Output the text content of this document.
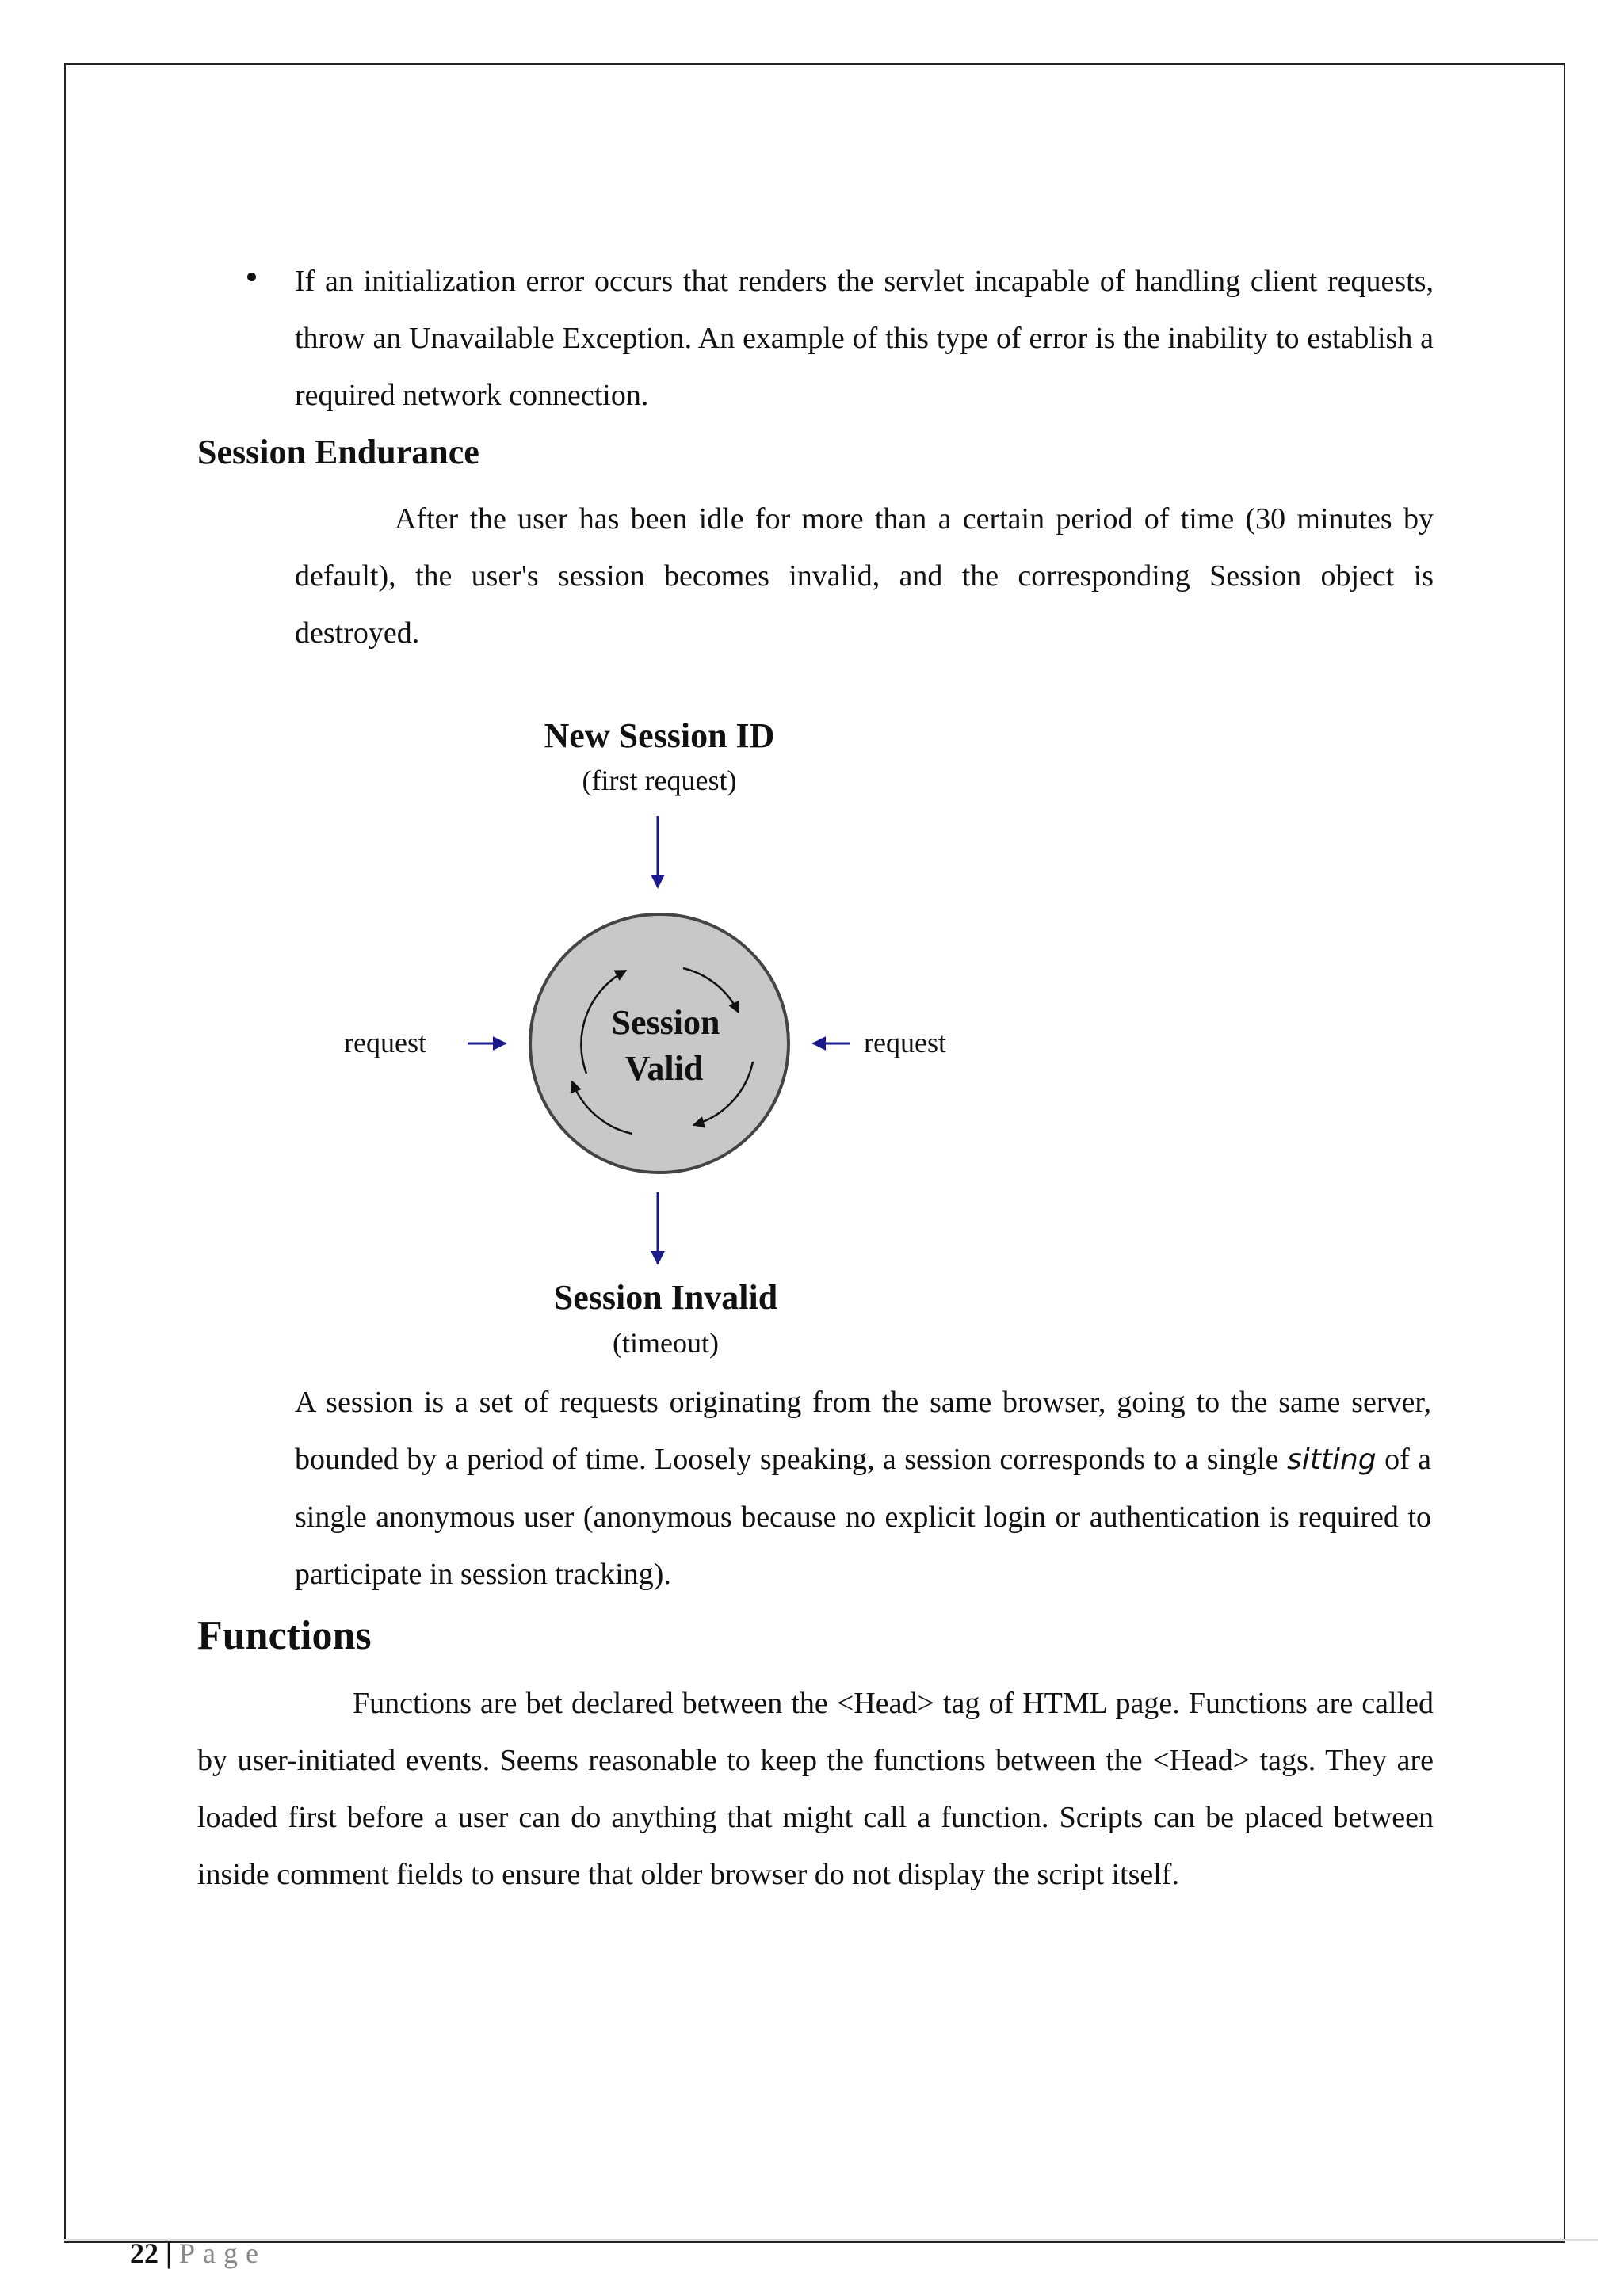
If an initialization error occurs that renders the servlet incapable of handling client requests, throw an Unavailable Exception. An example of this type of error is the inability to establish a required network connection.
Session Endurance
After the user has been idle for more than a certain period of time (30 minutes by default), the user's session becomes invalid, and the corresponding Session object is destroyed.
New Session ID
(first request)
Session
Valid
request	request
Session Invalid
(timeout)
A session is a set of requests originating from the same browser, going to the same server, bounded by a period of time. Loosely speaking, a session corresponds to a single sitting of a single anonymous user (anonymous because no explicit login or authentication is required to participate in session tracking).
Functions
Functions are bet declared between the <Head> tag of HTML page. Functions are called by user-initiated events. Seems reasonable to keep the functions between the <Head> tags. They are loaded first before a user can do anything that might call a function. Scripts can be placed between inside comment fields to ensure that older browser do not display the script itself.
22 | Page
